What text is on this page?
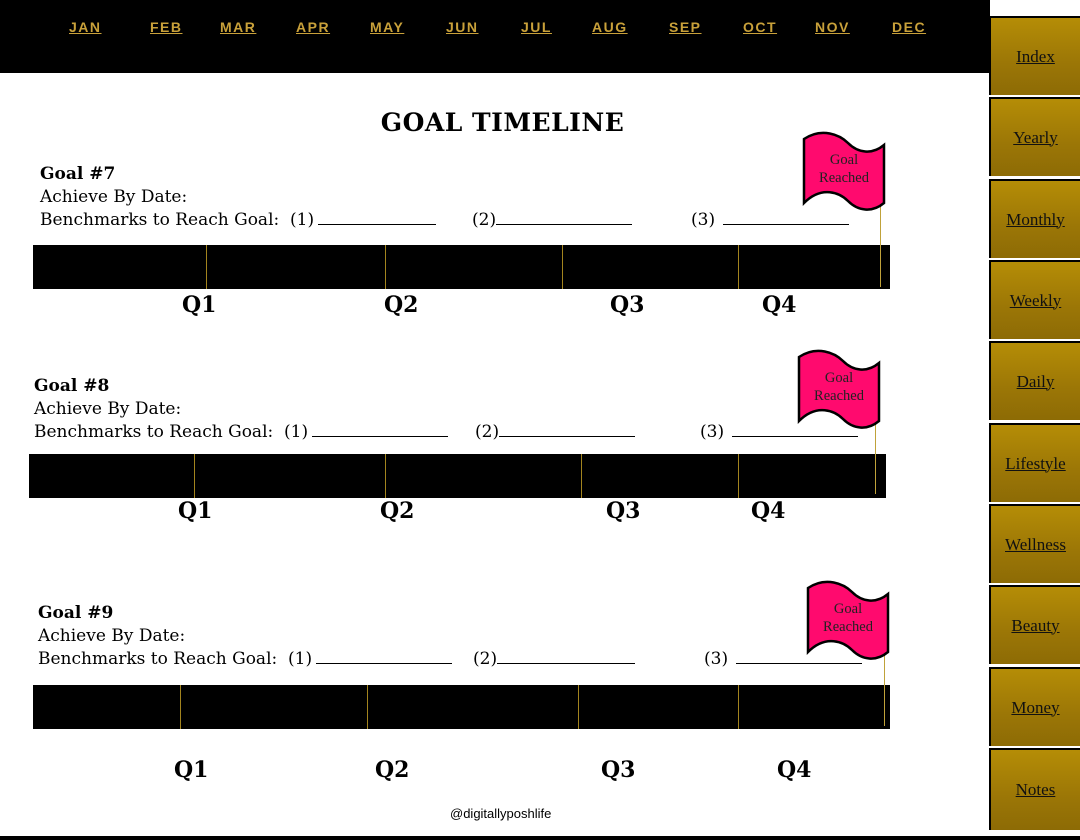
JAN	FEB	MAR	APR	MAY	JUN	JUL	AUG	SEP	OCT	NOV	DEC
Index
Yearly
Monthly
Weekly
Daily
Lifestyle
Wellness
Beauty
Money
Notes
GOAL TIMELINE
Goal #7
Achieve By Date:
Benchmarks to Reach Goal: (1)	(2)	(3)
Goal Reached
Q1	Q2	Q3	Q4
Goal #8
Achieve By Date:
Benchmarks to Reach Goal: (1)	(2)	(3)
Goal Reached
Q1	Q2	Q3	Q4
Goal #9
Achieve By Date:
Benchmarks to Reach Goal: (1)	(2)	(3)
Goal Reached
Q1	Q2	Q3	Q4
@digitallyposhlife
